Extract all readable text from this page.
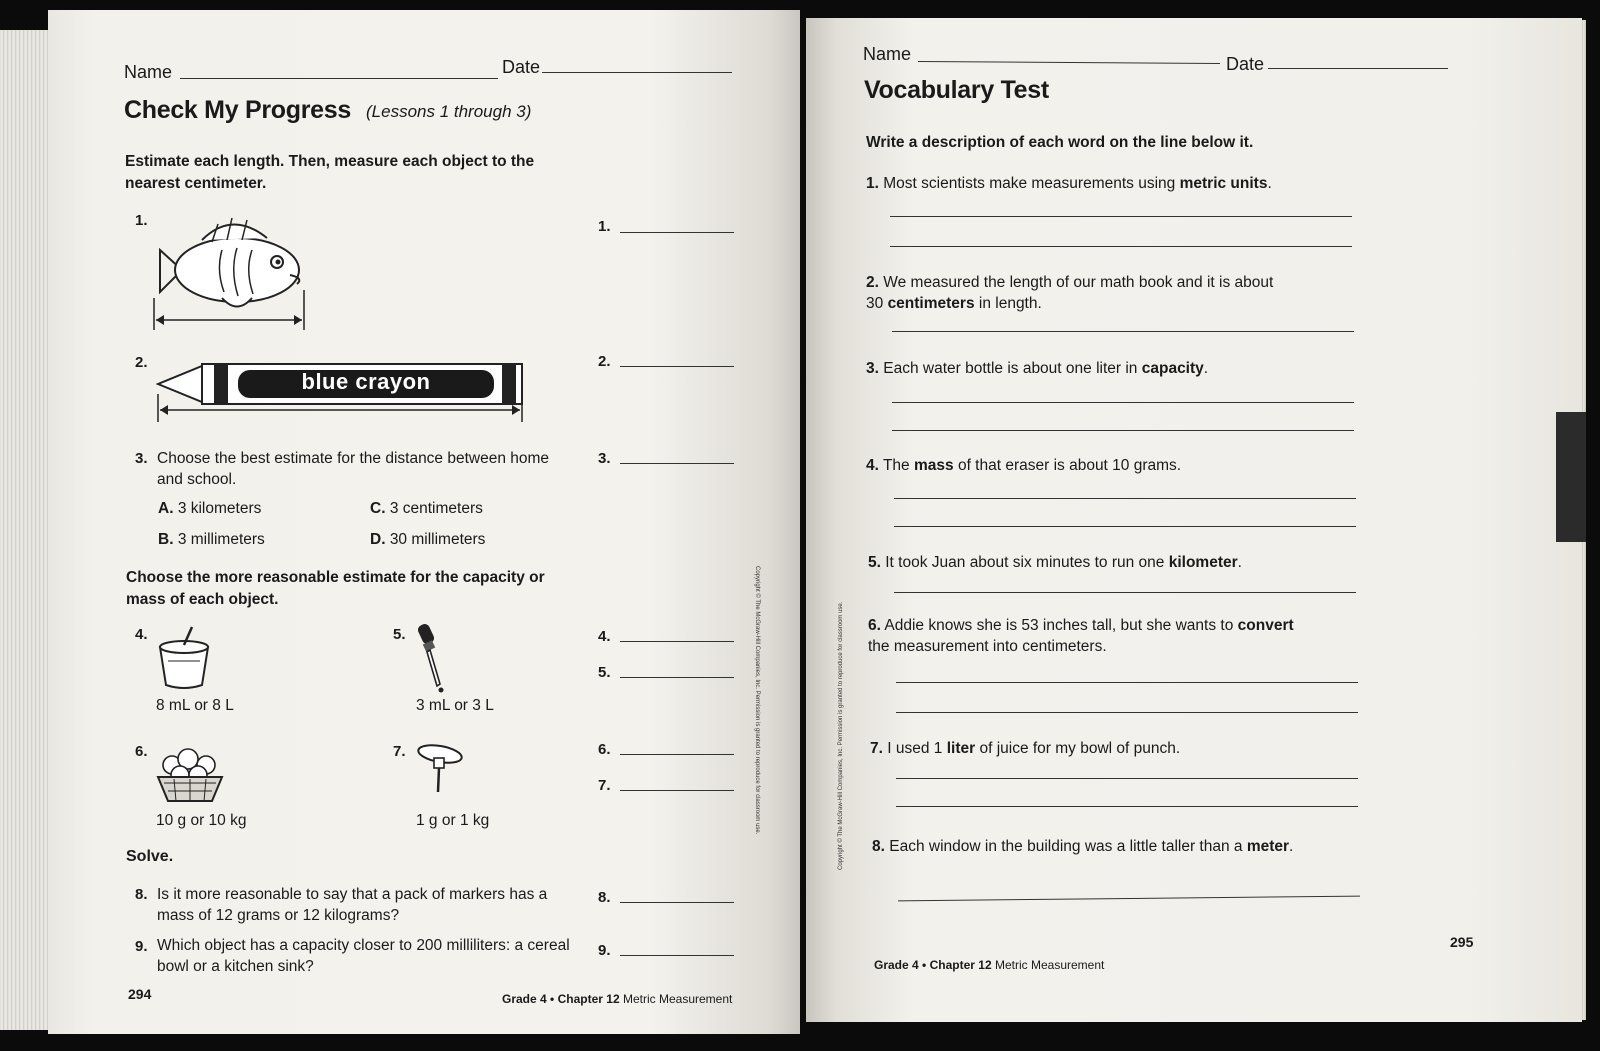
Name	Date
Check My Progress (Lessons 1 through 3)
Estimate each length. Then, measure each object to the nearest centimeter.
1.
2.
blue crayon
3. Choose the best estimate for the distance between home and school.
A. 3 kilometers	C. 3 centimeters
B. 3 millimeters	D. 30 millimeters
Choose the more reasonable estimate for the capacity or mass of each object.
4.
8 mL or 8 L
5.
3 mL or 3 L
6.
10 g or 10 kg
7.
1 g or 1 kg
1.
2.
3.
4.
5.
6.
7.
8.
9.
Solve.
8. Is it more reasonable to say that a pack of markers has a mass of 12 grams or 12 kilograms?
9. Which object has a capacity closer to 200 milliliters: a cereal bowl or a kitchen sink?
294	Grade 4 • Chapter 12 Metric Measurement
Copyright © The McGraw-Hill Companies, Inc. Permission is granted to reproduce for classroom use.
Name	Date
Vocabulary Test
Write a description of each word on the line below it.
1. Most scientists make measurements using metric units.
2. We measured the length of our math book and it is about 30 centimeters in length.
3. Each water bottle is about one liter in capacity.
4. The mass of that eraser is about 10 grams.
5. It took Juan about six minutes to run one kilometer.
6. Addie knows she is 53 inches tall, but she wants to convert the measurement into centimeters.
7. I used 1 liter of juice for my bowl of punch.
8. Each window in the building was a little taller than a meter.
Grade 4 • Chapter 12 Metric Measurement
295
Copyright © The McGraw-Hill Companies, Inc. Permission is granted to reproduce for classroom use.
